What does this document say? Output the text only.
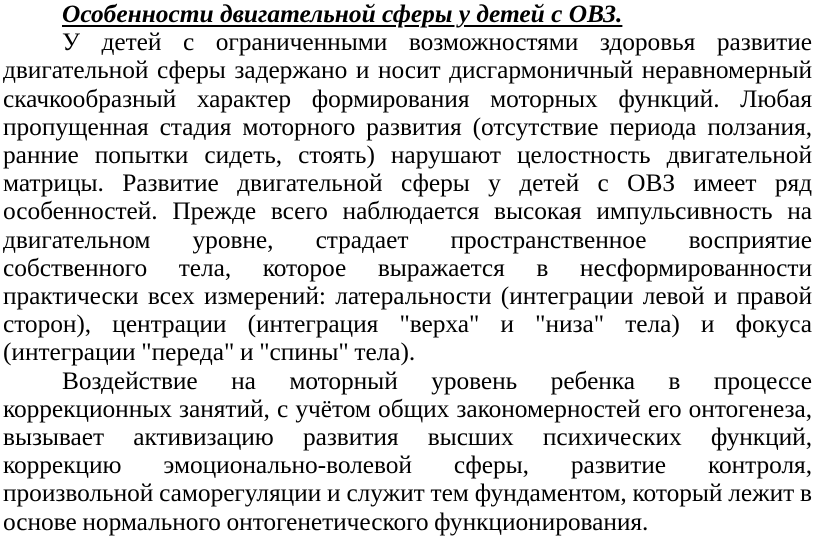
Особенности двигательной сферы у детей с ОВЗ.

У детей с ограниченными возможностями здоровья развитие двигательной сферы задержано и носит дисгармоничный неравномерный скачкообразный характер формирования моторных функций. Любая пропущенная стадия моторного развития (отсутствие периода ползания, ранние попытки сидеть, стоять) нарушают целостность двигательной матрицы. Развитие двигательной сферы у детей с ОВЗ имеет ряд особенностей. Прежде всего наблюдается высокая импульсивность на двигательном уровне, страдает пространственное восприятие собственного тела, которое выражается в несформированности практически всех измерений: латеральности (интеграции левой и правой сторон), центрации (интеграция "верха" и "низа" тела) и фокуса (интеграции "переда" и "спины" тела).

Воздействие на моторный уровень ребенка в процессе коррекционных занятий, с учётом общих закономерностей его онтогенеза, вызывает активизацию развития высших психических функций, коррекцию эмоционально-волевой сферы, развитие контроля, произвольной саморегуляции и служит тем фундаментом, который лежит в основе нормального онтогенетического функционирования.
